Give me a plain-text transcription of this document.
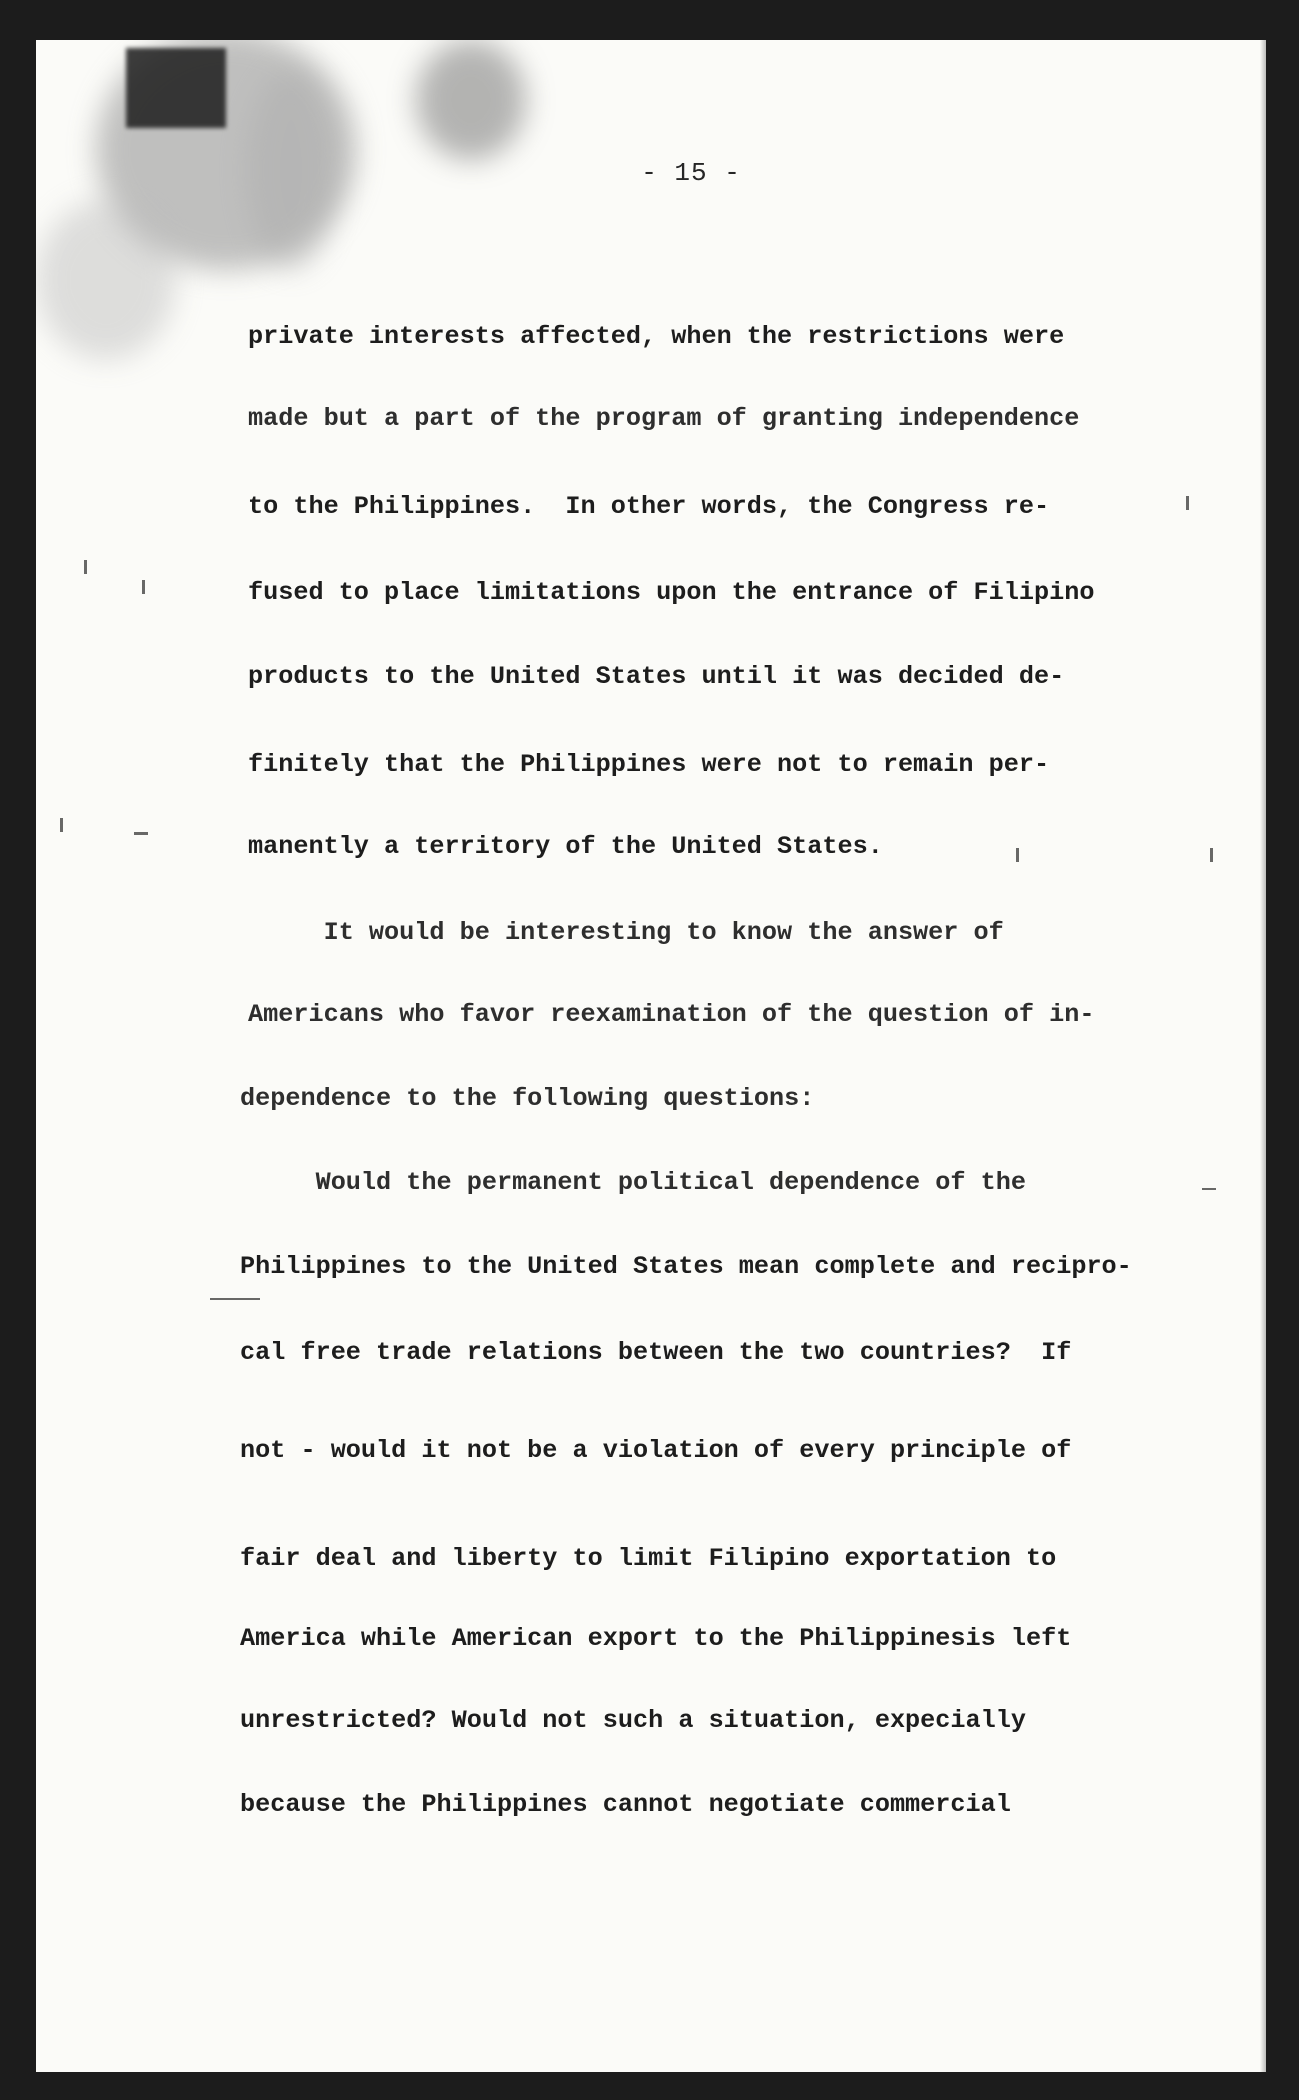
- 15 -
private interests affected, when the restrictions were
made but a part of the program of granting independence
to the Philippines.  In other words, the Congress re-
fused to place limitations upon the entrance of Filipino
products to the United States until it was decided de-
finitely that the Philippines were not to remain per-
manently a territory of the United States.
It would be interesting to know the answer of
Americans who favor reexamination of the question of in-
dependence to the following questions:
Would the permanent political dependence of the
Philippines to the United States mean complete and recipro-
cal free trade relations between the two countries?  If
not - would it not be a violation of every principle of
fair deal and liberty to limit Filipino exportation to
America while American export to the Philippinesis left
unrestricted? Would not such a situation, expecially
because the Philippines cannot negotiate commercial
